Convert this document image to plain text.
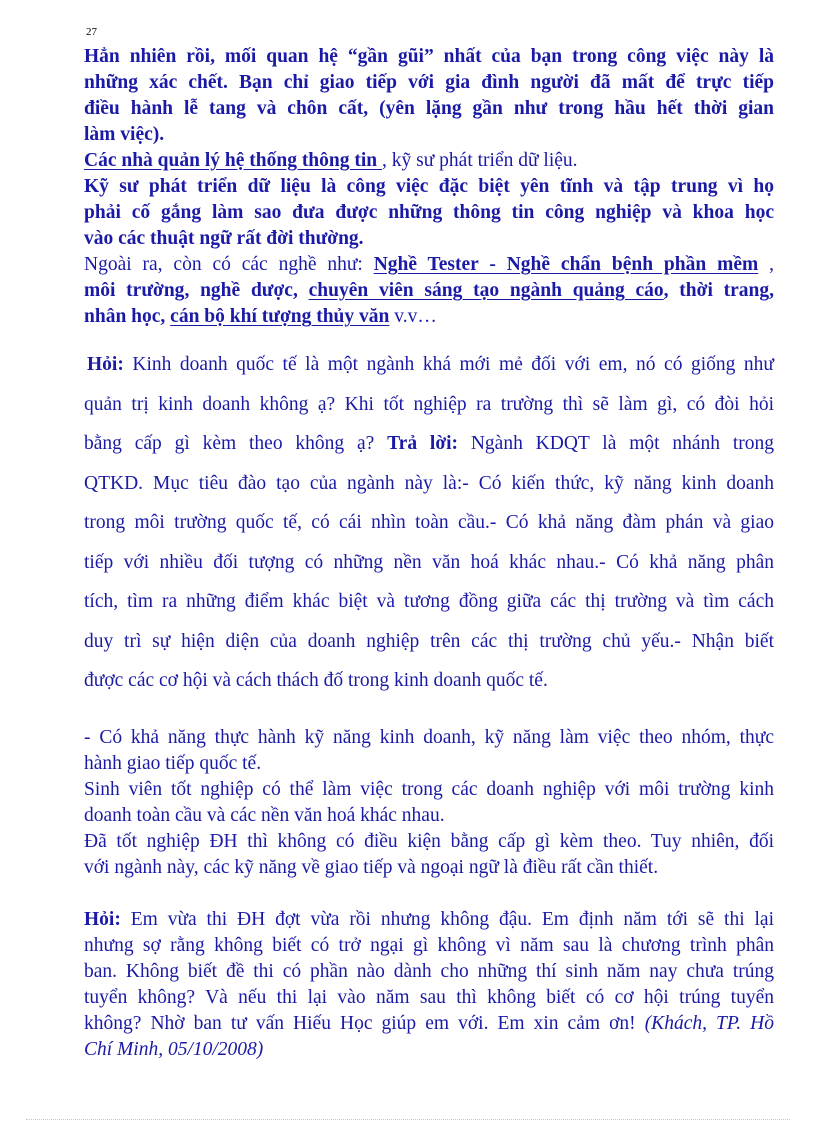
27

Hẳn nhiên rồi, mối quan hệ “gần gũi” nhất của bạn trong công việc này là

những xác chết. Bạn chỉ giao tiếp với gia đình người đã mất để trực tiếp

điều hành lễ tang và chôn cất, (yên lặng gần như trong hầu hết thời gian

làm việc).

Các nhà quản lý hệ thống thông tin , kỹ sư phát triển dữ liệu.

Kỹ sư phát triển dữ liệu là công việc đặc biệt yên tĩnh và tập trung vì họ

phải cố gắng làm sao đưa được những thông tin công nghiệp và khoa học

vào các thuật ngữ rất đời thường.

Ngoài ra, còn có các nghề như: Nghề Tester - Nghề chẩn bệnh phần mềm ,

môi trường, nghề dược, chuyên viên sáng tạo ngành quảng cáo, thời trang,

nhân học, cán bộ khí tượng thủy văn v.v…

Hỏi: Kinh doanh quốc tế là một ngành khá mới mẻ đối với em, nó có giống như

quản trị kinh doanh không ạ? Khi tốt nghiệp ra trường thì sẽ làm gì, có đòi hỏi

bằng cấp gì kèm theo không ạ? Trả lời: Ngành KDQT là một nhánh trong

QTKD. Mục tiêu đào tạo của ngành này là:- Có kiến thức, kỹ năng kinh doanh

trong môi trường quốc tế, có cái nhìn toàn cầu.- Có khả năng đàm phán và giao

tiếp với nhiều đối tượng có những nền văn hoá khác nhau.- Có khả năng phân

tích, tìm ra những điểm khác biệt và tương đồng giữa các thị trường và tìm cách

duy trì sự hiện diện của doanh nghiệp trên các thị trường chủ yếu.- Nhận biết

được các cơ hội và cách thách đố trong kinh doanh quốc tế.

- Có khả năng thực hành kỹ năng kinh doanh, kỹ năng làm việc theo nhóm, thực

hành giao tiếp quốc tế.

Sinh viên tốt nghiệp có thể làm việc trong các doanh nghiệp với môi trường kinh

doanh toàn cầu và các nền văn hoá khác nhau.

Đã tốt nghiệp ĐH thì không có điều kiện bằng cấp gì kèm theo. Tuy nhiên, đối

với ngành này, các kỹ năng về giao tiếp và ngoại ngữ là điều rất cần thiết.

Hỏi: Em vừa thi ĐH đợt vừa rồi nhưng không đậu. Em định năm tới sẽ thi lại

nhưng sợ rằng không biết có trở ngại gì không vì năm sau là chương trình phân

ban. Không biết đề thi có phần nào dành cho những thí sinh năm nay chưa trúng

tuyển không? Và nếu thi lại vào năm sau thì không biết có cơ hội trúng tuyển

không? Nhờ ban tư vấn Hiếu Học giúp em với. Em xin cảm ơn! (Khách, TP. Hồ

Chí Minh, 05/10/2008)
